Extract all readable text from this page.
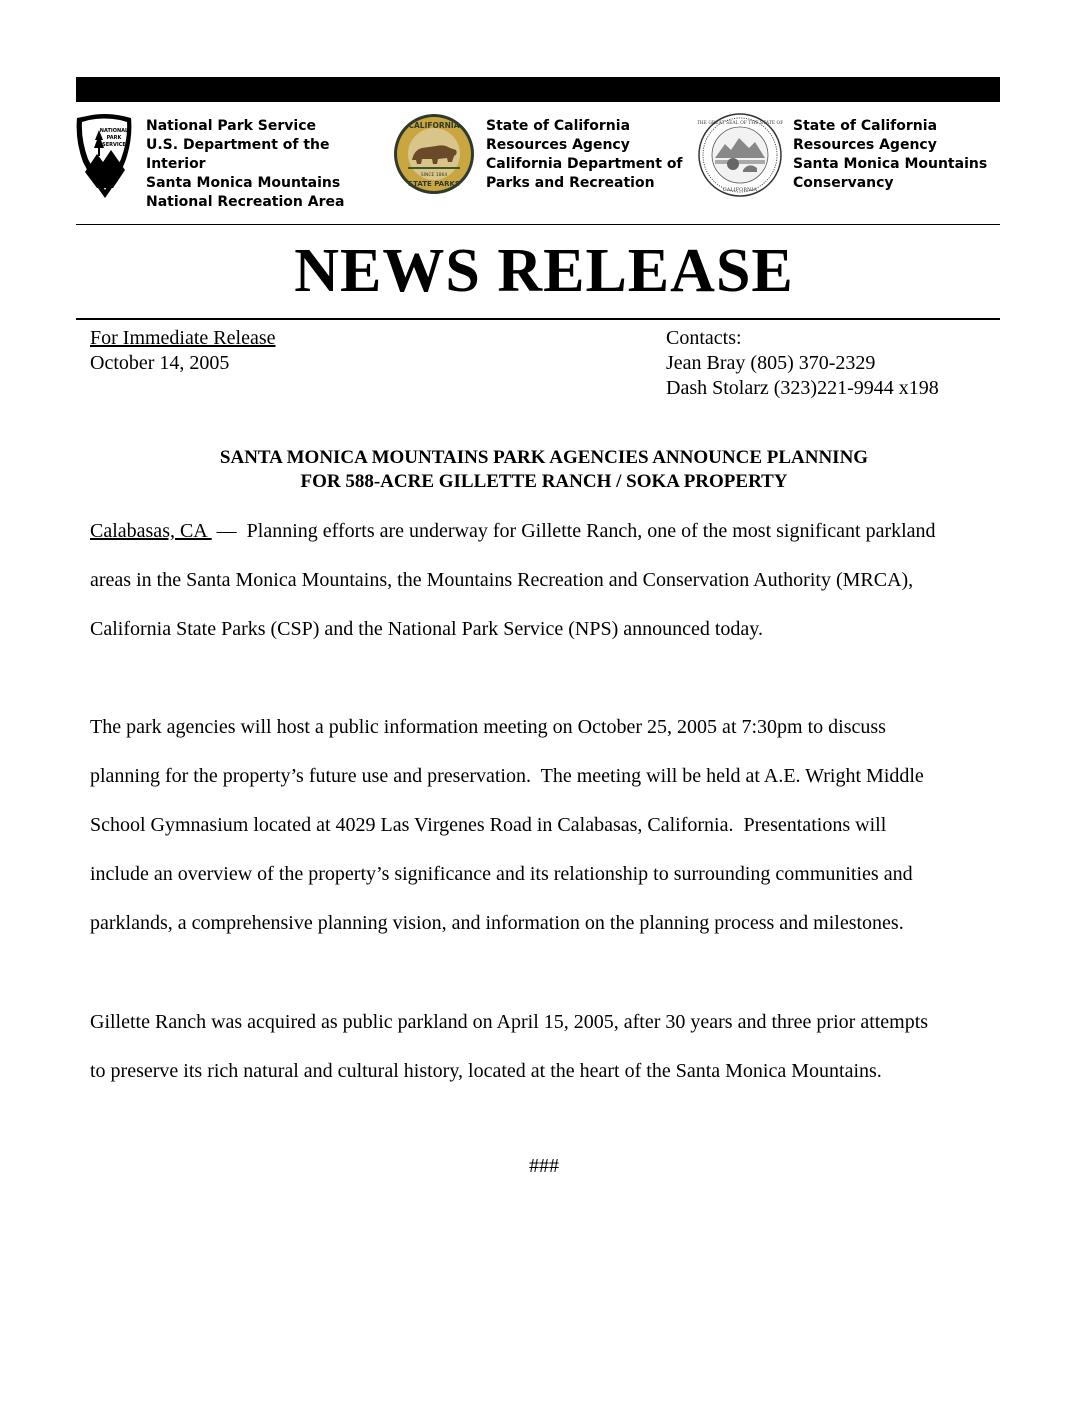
NATIONAL
PARK
SERVICE
National Park Service
U.S. Department of the
Interior
Santa Monica Mountains
National Recreation Area
CALIFORNIA
STATE PARKS
SINCE 1864
State of California
Resources Agency
California Department of
Parks and Recreation
THE GREAT SEAL OF THE STATE OF
CALIFORNIA
State of California
Resources Agency
Santa Monica Mountains
Conservancy
NEWS RELEASE
For Immediate Release
October 14, 2005
Contacts:
Jean Bray (805) 370-2329
Dash Stolarz (323)221-9944 x198
SANTA MONICA MOUNTAINS PARK AGENCIES ANNOUNCE PLANNING
FOR 588-ACRE GILLETTE RANCH / SOKA PROPERTY

Calabasas, CA  —  Planning efforts are underway for Gillette Ranch, one of the most significant parkland

areas in the Santa Monica Mountains, the Mountains Recreation and Conservation Authority (MRCA),

California State Parks (CSP) and the National Park Service (NPS) announced today.

The park agencies will host a public information meeting on October 25, 2005 at 7:30pm to discuss

planning for the property’s future use and preservation.  The meeting will be held at A.E. Wright Middle

School Gymnasium located at 4029 Las Virgenes Road in Calabasas, California.  Presentations will

include an overview of the property’s significance and its relationship to surrounding communities and

parklands, a comprehensive planning vision, and information on the planning process and milestones.

Gillette Ranch was acquired as public parkland on April 15, 2005, after 30 years and three prior attempts

to preserve its rich natural and cultural history, located at the heart of the Santa Monica Mountains.

###
